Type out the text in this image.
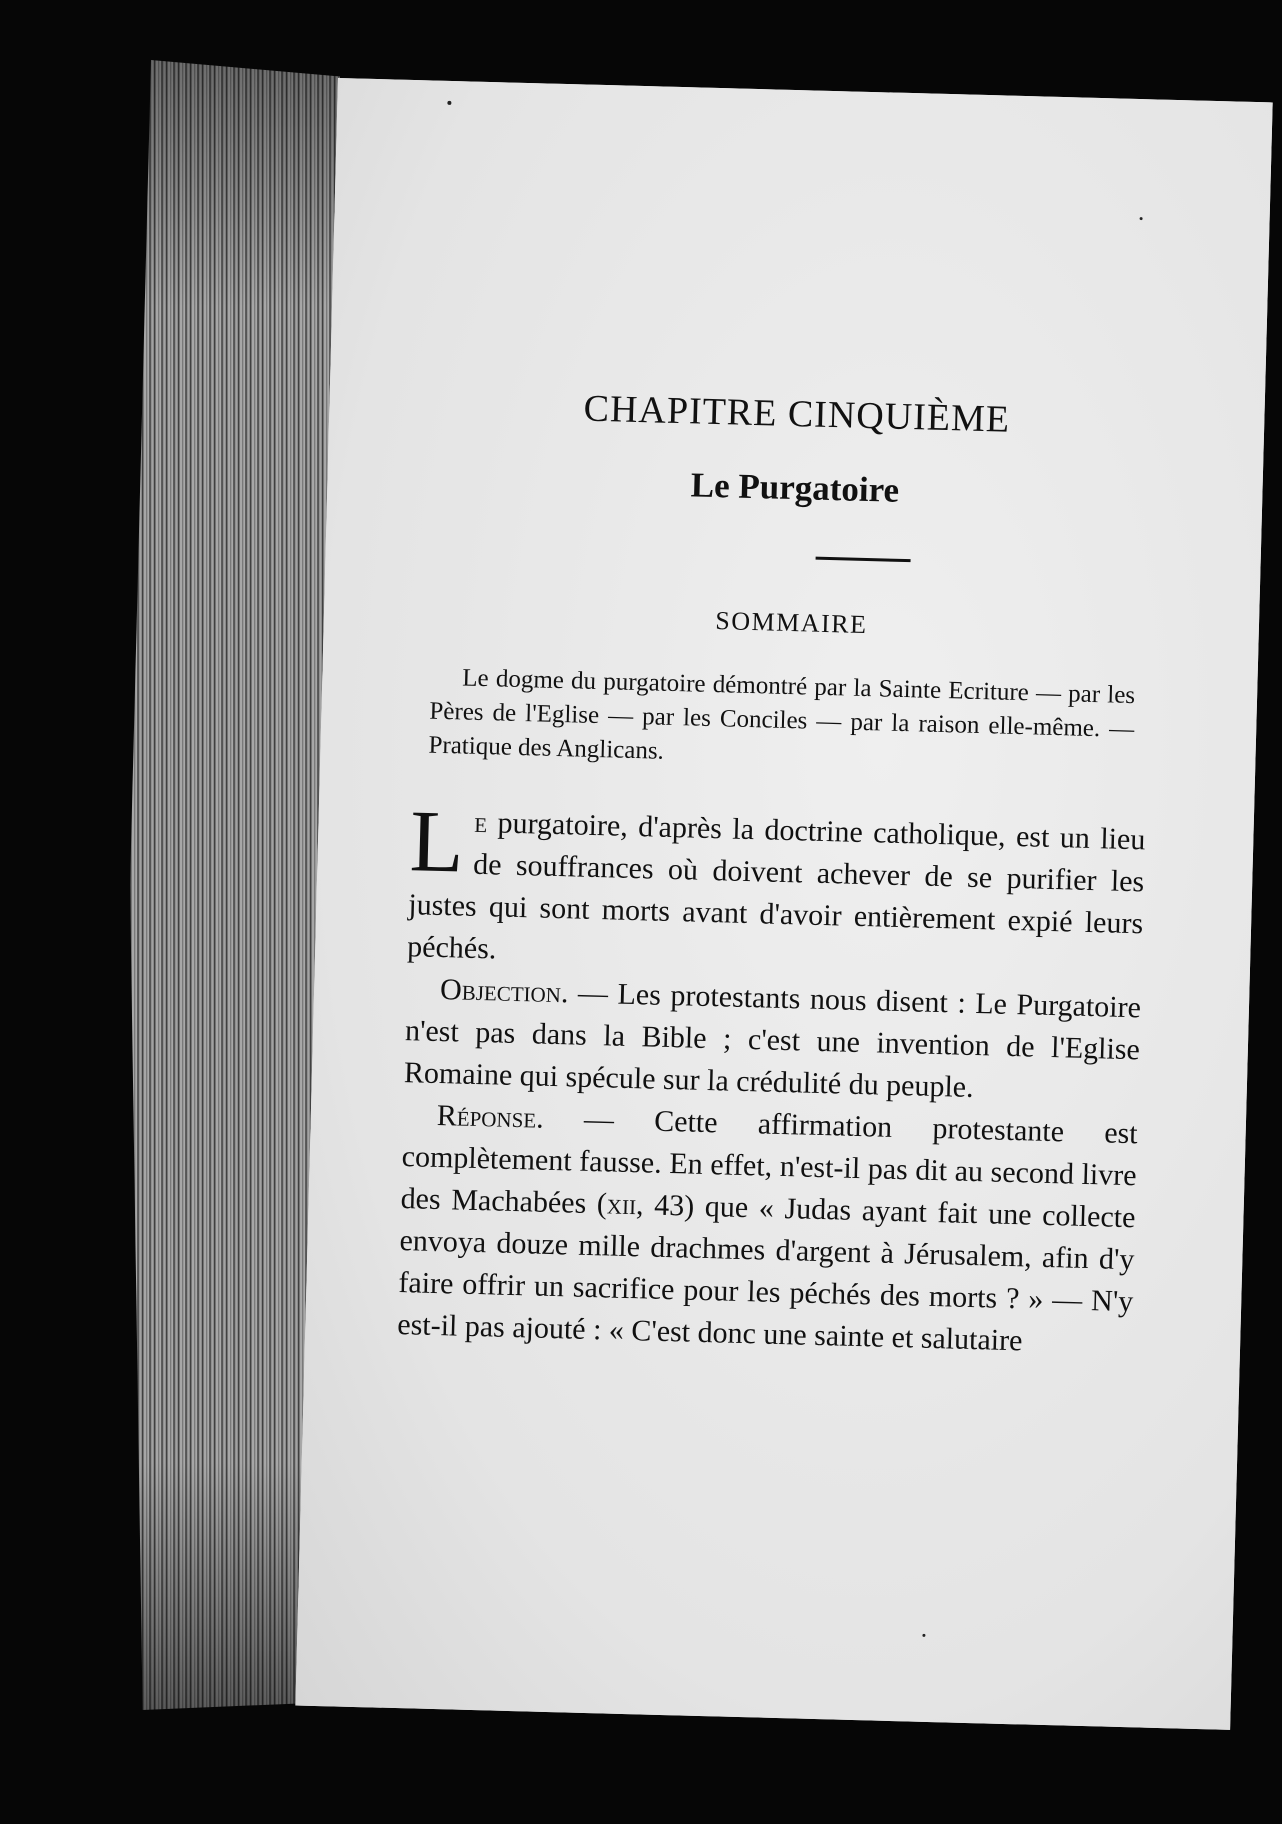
CHAPITRE CINQUIÈME
Le Purgatoire
SOMMAIRE

Le dogme du purgatoire démontré par la Sainte Ecriture — par les Pères de l'Eglise — par les Conciles — par la raison elle-même. — Pratique des Anglicans.

Le purgatoire, d'après la doctrine catholique, est un lieu de souffrances où doivent achever de se purifier les justes qui sont morts avant d'avoir entièrement expié leurs péchés.

Objection. — Les protestants nous disent : Le Purgatoire n'est pas dans la Bible ; c'est une invention de l'Eglise Romaine qui spécule sur la crédulité du peuple.

Réponse. — Cette affirmation protestante est complètement fausse. En effet, n'est-il pas dit au second livre des Machabées (xii, 43) que « Judas ayant fait une collecte envoya douze mille drachmes d'argent à Jérusalem, afin d'y faire offrir un sacrifice pour les péchés des morts ? » — N'y est-il pas ajouté : « C'est donc une sainte et salutaire
